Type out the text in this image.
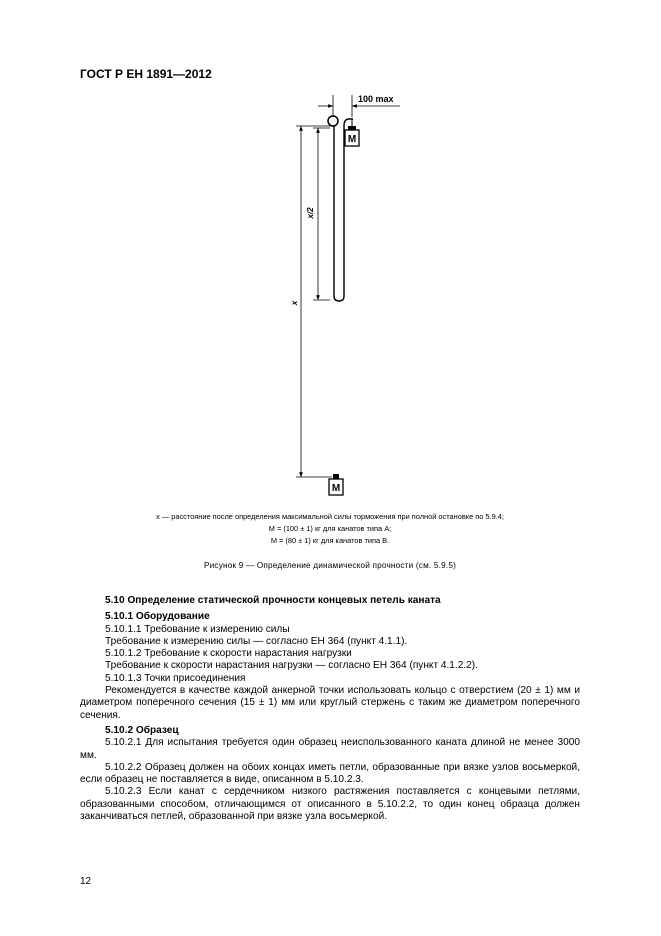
ГОСТ Р ЕН 1891—2012
100 max
M
x/2
x
M
x — расстояние после определения максимальной силы торможения при полной остановке по 5.9.4;
M = (100 ± 1) кг для канатов типа А;
M = (80 ± 1) кг для канатов типа В.
Рисунок 9 — Определение динамической прочности (см. 5.9.5)

5.10 Определение статической прочности концевых петель каната

5.10.1 Оборудование

5.10.1.1 Требование к измерению силы

Требование к измерению силы — согласно ЕН 364 (пункт 4.1.1).

5.10.1.2 Требование к скорости нарастания нагрузки

Требование к скорости нарастания нагрузки — согласно ЕН 364 (пункт 4.1.2.2).

5.10.1.3 Точки присоединения

Рекомендуется в качестве каждой анкерной точки использовать кольцо с отверстием (20 ± 1) мм и диаметром поперечного сечения (15 ± 1) мм или круглый стержень с таким же диаметром поперечного сечения.

5.10.2 Образец

5.10.2.1 Для испытания требуется один образец неиспользованного каната длиной не менее 3000 мм.

5.10.2.2 Образец должен на обоих концах иметь петли, образованные при вязке узлов восьмеркой, если образец не поставляется в виде, описанном в 5.10.2.3.

5.10.2.3 Если канат с сердечником низкого растяжения поставляется с концевыми петлями, образованными способом, отличающимся от описанного в 5.10.2.2, то один конец образца должен заканчиваться петлей, образованной при вязке узла восьмеркой.

12
